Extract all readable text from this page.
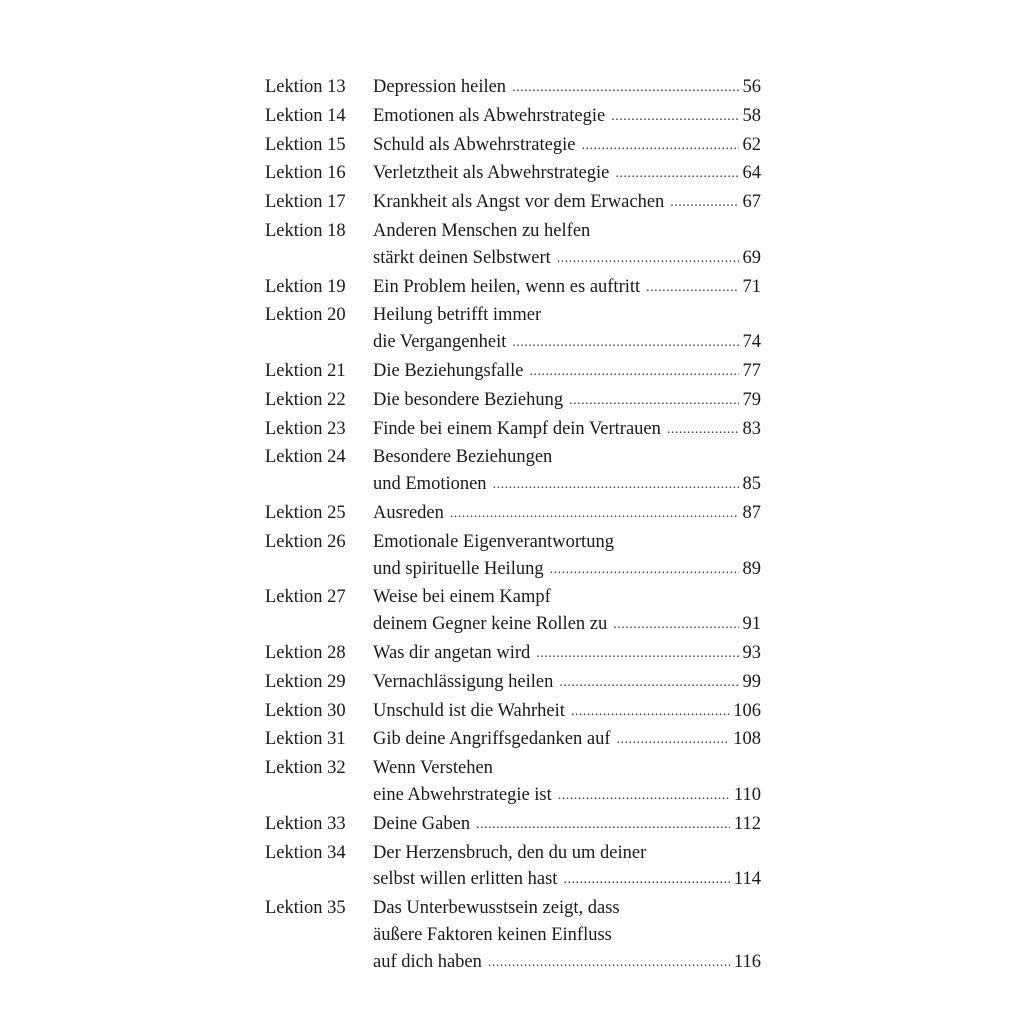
Lektion 13	Depression heilen .....	56
Lektion 14	Emotionen als Abwehrstrategie .....	58
Lektion 15	Schuld als Abwehrstrategie .....	62
Lektion 16	Verletztheit als Abwehrstrategie .....	64
Lektion 17	Krankheit als Angst vor dem Erwachen .....	67
Lektion 18	Anderen Menschen zu helfen
stärkt deinen Selbstwert .....	69
Lektion 19	Ein Problem heilen, wenn es auftritt .....	71
Lektion 20	Heilung betrifft immer
die Vergangenheit .....	74
Lektion 21	Die Beziehungsfalle .....	77
Lektion 22	Die besondere Beziehung .....	79
Lektion 23	Finde bei einem Kampf dein Vertrauen .....	83
Lektion 24	Besondere Beziehungen
und Emotionen .....	85
Lektion 25	Ausreden .....	87
Lektion 26	Emotionale Eigenverantwortung
und spirituelle Heilung .....	89
Lektion 27	Weise bei einem Kampf
deinem Gegner keine Rollen zu .....	91
Lektion 28	Was dir angetan wird .....	93
Lektion 29	Vernachlässigung heilen .....	99
Lektion 30	Unschuld ist die Wahrheit .....	106
Lektion 31	Gib deine Angriffsgedanken auf .....	108
Lektion 32	Wenn Verstehen
eine Abwehrstrategie ist .....	110
Lektion 33	Deine Gaben .....	112
Lektion 34	Der Herzensbruch, den du um deiner
selbst willen erlitten hast .....	114
Lektion 35	Das Unterbewusstsein zeigt, dass
äußere Faktoren keinen Einfluss
auf dich haben .....	116
